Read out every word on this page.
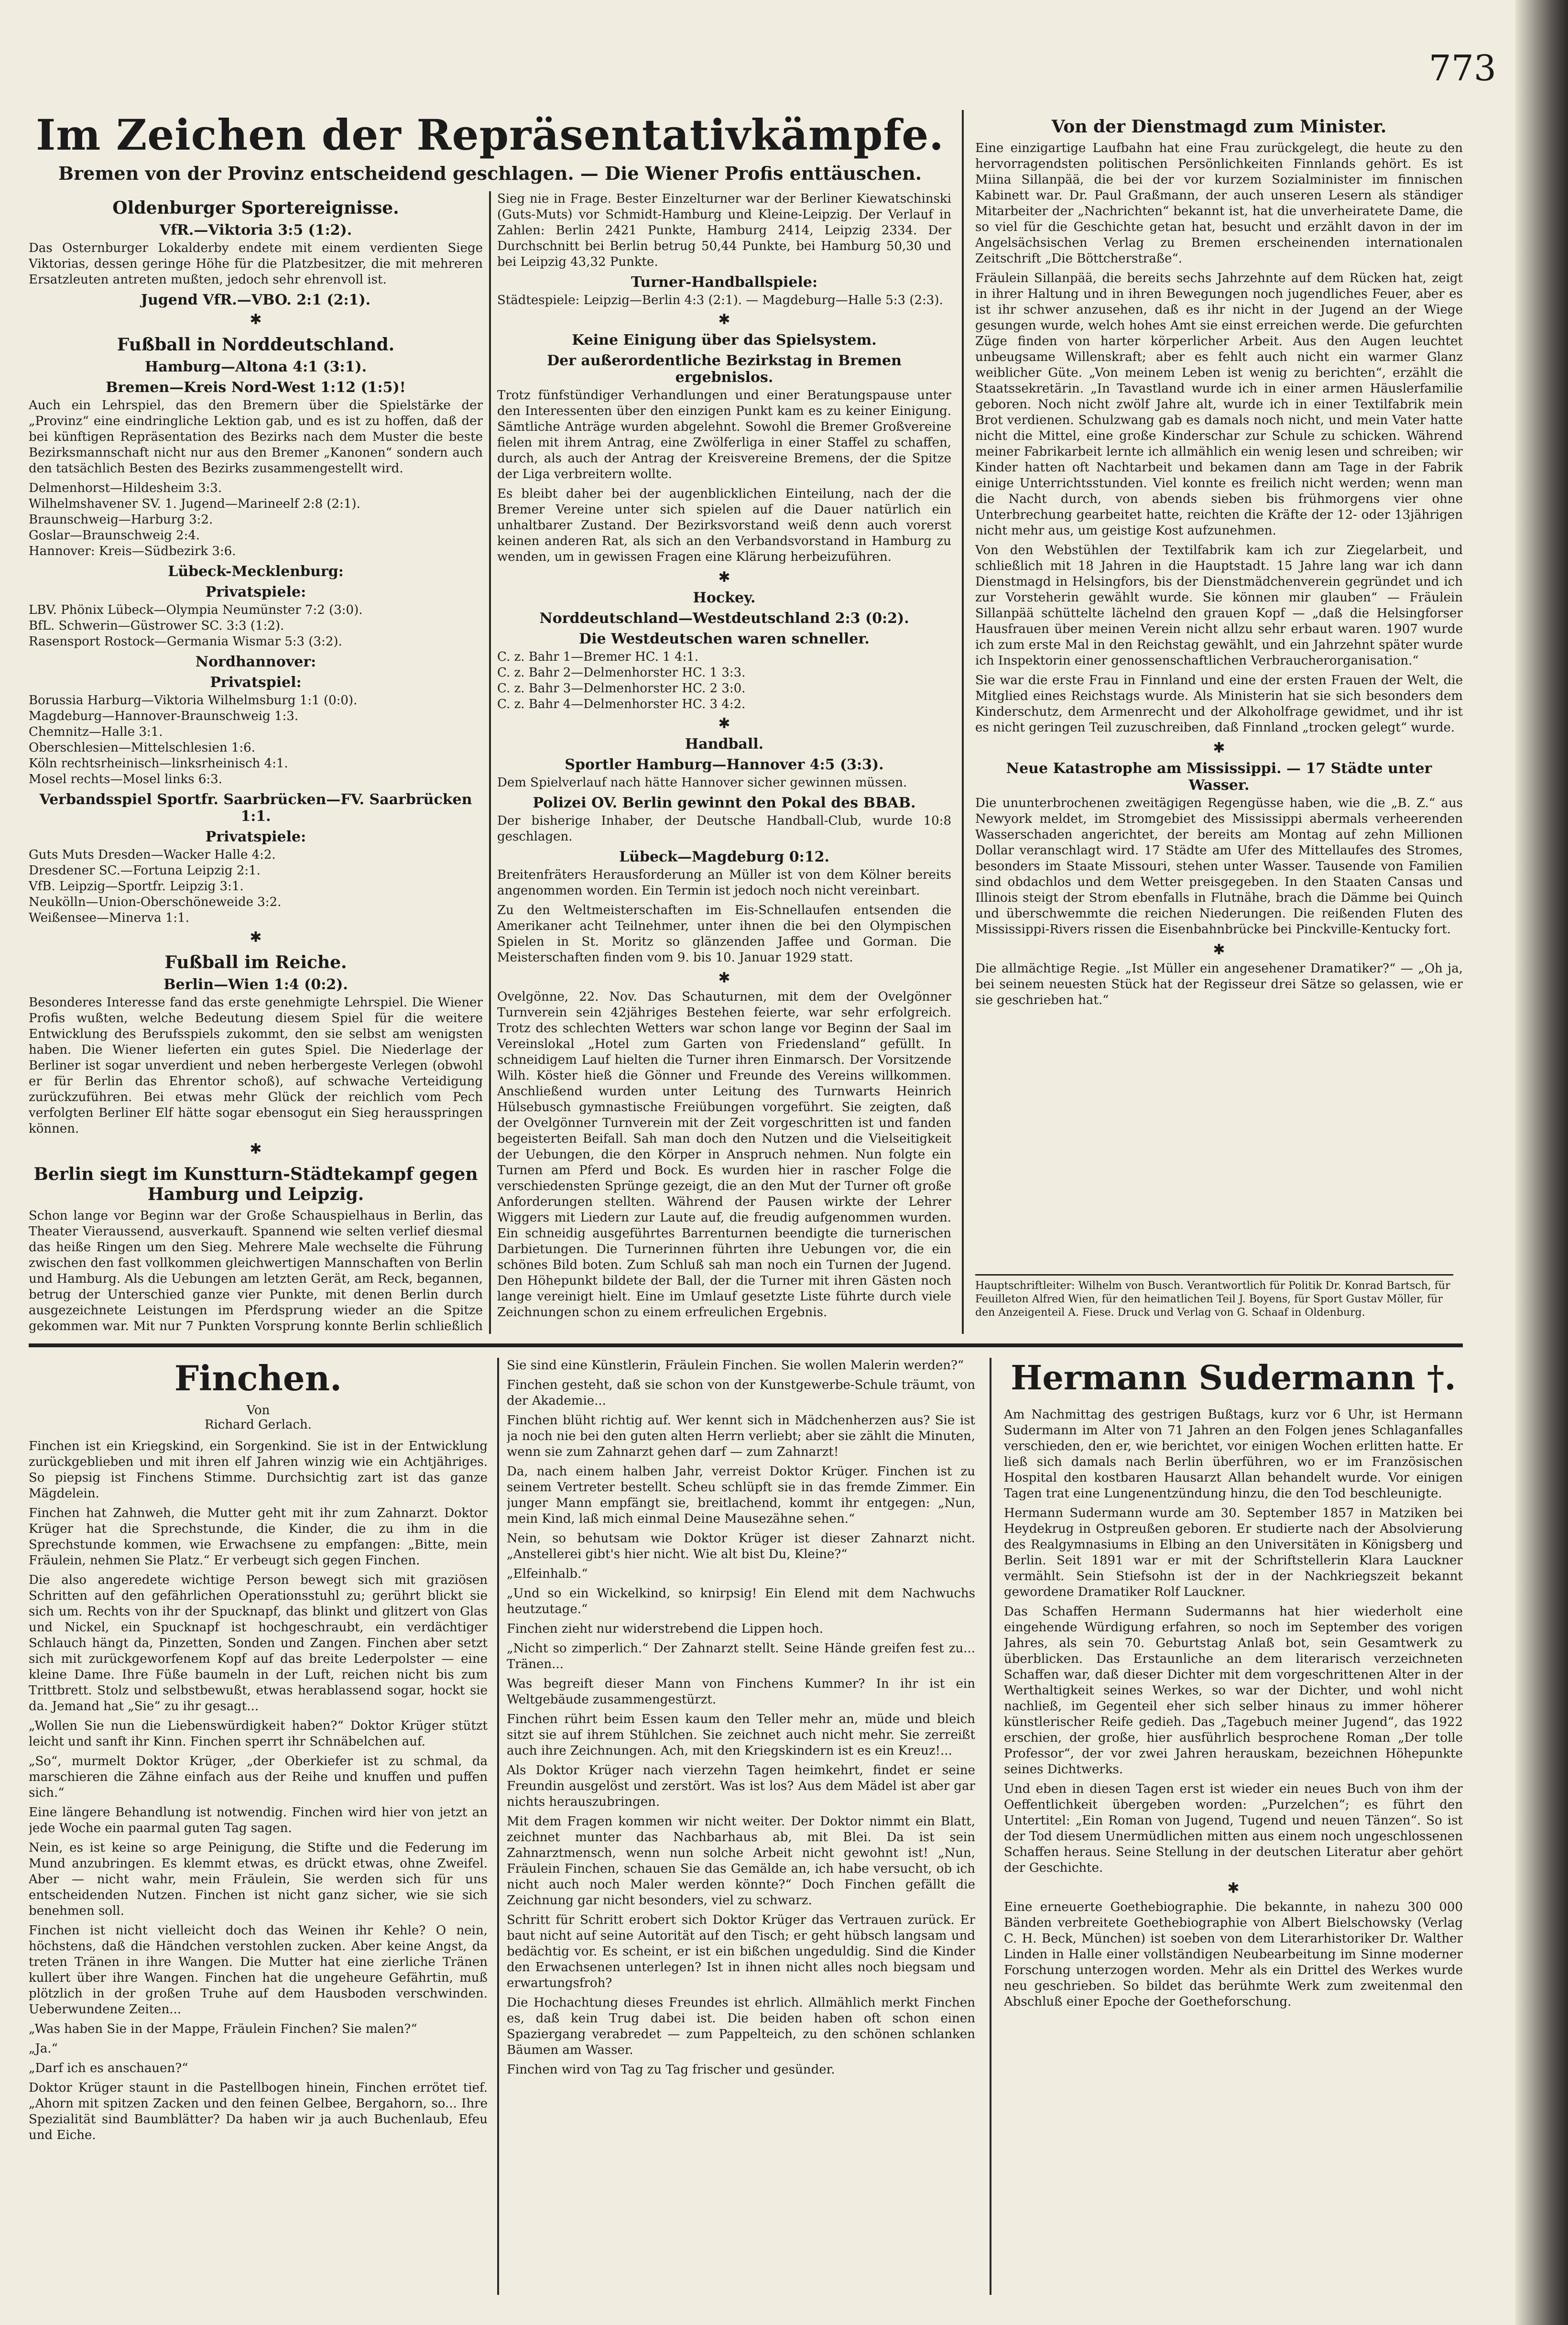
773
Im Zeichen der Repräsentativkämpfe.
Bremen von der Provinz entscheidend geschlagen. — Die Wiener Profis enttäuschen.
Oldenburger Sportereignisse.
VfR.—Viktoria 3:5 (1:2).

Das Osternburger Lokalderby endete mit einem verdienten Siege Viktorias, dessen geringe Höhe für die Platzbesitzer, die mit mehreren Ersatzleuten antreten mußten, jedoch sehr ehrenvoll ist.

Jugend VfR.—VBO. 2:1 (2:1).
✱
Fußball in Norddeutschland.
Hamburg—Altona 4:1 (3:1).
Bremen—Kreis Nord-West 1:12 (1:5)!

Auch ein Lehrspiel, das den Bremern über die Spielstärke der „Provinz“ eine eindringliche Lektion gab, und es ist zu hoffen, daß der bei künftigen Repräsentation des Bezirks nach dem Muster die beste Bezirksmannschaft nicht nur aus den Bremer „Kanonen“ sondern auch den tatsächlich Besten des Bezirks zusammengestellt wird.

Delmenhorst—Hildesheim 3:3.
Wilhelmshavener SV. 1. Jugend—Marineelf 2:8 (2:1).
Braunschweig—Harburg 3:2.
Goslar—Braunschweig 2:4.
Hannover: Kreis—Südbezirk 3:6.
Lübeck-Mecklenburg:
Privatspiele:
LBV. Phönix Lübeck—Olympia Neumünster 7:2 (3:0).
BfL. Schwerin—Güstrower SC. 3:3 (1:2).
Rasensport Rostock—Germania Wismar 5:3 (3:2).
Nordhannover:
Privatspiel:
Borussia Harburg—Viktoria Wilhelmsburg 1:1 (0:0).
Magdeburg—Hannover-Braunschweig 1:3.
Chemnitz—Halle 3:1.
Oberschlesien—Mittelschlesien 1:6.
Köln rechtsrheinisch—linksrheinisch 4:1.
Mosel rechts—Mosel links 6:3.
Verbandsspiel Sportfr. Saarbrücken—FV. Saarbrücken 1:1.
Privatspiele:
Guts Muts Dresden—Wacker Halle 4:2.
Dresdener SC.—Fortuna Leipzig 2:1.
VfB. Leipzig—Sportfr. Leipzig 3:1.
Neukölln—Union-Oberschöneweide 3:2.
Weißensee—Minerva 1:1.
✱
Fußball im Reiche.
Berlin—Wien 1:4 (0:2).

Besonderes Interesse fand das erste genehmigte Lehrspiel. Die Wiener Profis wußten, welche Bedeutung diesem Spiel für die weitere Entwicklung des Berufsspiels zukommt, den sie selbst am wenigsten haben. Die Wiener lieferten ein gutes Spiel. Die Niederlage der Berliner ist sogar unverdient und neben herbergeste Verlegen (obwohl er für Berlin das Ehrentor schoß), auf schwache Verteidigung zurückzuführen. Bei etwas mehr Glück der reichlich vom Pech verfolgten Berliner Elf hätte sogar ebensogut ein Sieg herausspringen können.

✱
Berlin siegt im Kunstturn-Städtekampf gegen Hamburg und Leipzig.

Schon lange vor Beginn war der Große Schauspielhaus in Berlin, das Theater Vieraussend, ausverkauft. Spannend wie selten verlief diesmal das heiße Ringen um den Sieg. Mehrere Male wechselte die Führung zwischen den fast vollkommen gleichwertigen Mannschaften von Berlin und Hamburg. Als die Uebungen am letzten Gerät, am Reck, begannen, betrug der Unterschied ganze vier Punkte, mit denen Berlin durch ausgezeichnete Leistungen im Pferdsprung wieder an die Spitze gekommen war. Mit nur 7 Punkten Vorsprung konnte Berlin schließlich

Sieg nie in Frage. Bester Einzelturner war der Berliner Kiewatschinski (Guts-Muts) vor Schmidt-Hamburg und Kleine-Leipzig. Der Verlauf in Zahlen: Berlin 2421 Punkte, Hamburg 2414, Leipzig 2334. Der Durchschnitt bei Berlin betrug 50,44 Punkte, bei Hamburg 50,30 und bei Leipzig 43,32 Punkte.

Turner-Handballspiele:
Städtespiele: Leipzig—Berlin 4:3 (2:1). — Magdeburg—Halle 5:3 (2:3).
✱
Keine Einigung über das Spielsystem.
Der außerordentliche Bezirkstag in Bremen ergebnislos.

Trotz fünfstündiger Verhandlungen und einer Beratungspause unter den Interessenten über den einzigen Punkt kam es zu keiner Einigung. Sämtliche Anträge wurden abgelehnt. Sowohl die Bremer Großvereine fielen mit ihrem Antrag, eine Zwölferliga in einer Staffel zu schaffen, durch, als auch der Antrag der Kreisvereine Bremens, der die Spitze der Liga verbreitern wollte.

Es bleibt daher bei der augenblicklichen Einteilung, nach der die Bremer Vereine unter sich spielen auf die Dauer natürlich ein unhaltbarer Zustand. Der Bezirksvorstand weiß denn auch vorerst keinen anderen Rat, als sich an den Verbandsvorstand in Hamburg zu wenden, um in gewissen Fragen eine Klärung herbeizuführen.

✱
Hockey.
Norddeutschland—Westdeutschland 2:3 (0:2).
Die Westdeutschen waren schneller.
C. z. Bahr 1—Bremer HC. 1 4:1.
C. z. Bahr 2—Delmenhorster HC. 1 3:3.
C. z. Bahr 3—Delmenhorster HC. 2 3:0.
C. z. Bahr 4—Delmenhorster HC. 3 4:2.
✱
Handball.
Sportler Hamburg—Hannover 4:5 (3:3).

Dem Spielverlauf nach hätte Hannover sicher gewinnen müssen.

Polizei OV. Berlin gewinnt den Pokal des BBAB.

Der bisherige Inhaber, der Deutsche Handball-Club, wurde 10:8 geschlagen.

Lübeck—Magdeburg 0:12.

Breitenfräters Herausforderung an Müller ist von dem Kölner bereits angenommen worden. Ein Termin ist jedoch noch nicht vereinbart.

Zu den Weltmeisterschaften im Eis-Schnellaufen entsenden die Amerikaner acht Teilnehmer, unter ihnen die bei den Olympischen Spielen in St. Moritz so glänzenden Jaffee und Gorman. Die Meisterschaften finden vom 9. bis 10. Januar 1929 statt.

✱

Ovelgönne, 22. Nov. Das Schauturnen, mit dem der Ovelgönner Turnverein sein 42jähriges Bestehen feierte, war sehr erfolgreich. Trotz des schlechten Wetters war schon lange vor Beginn der Saal im Vereinslokal „Hotel zum Garten von Friedensland“ gefüllt. In schneidigem Lauf hielten die Turner ihren Einmarsch. Der Vorsitzende Wilh. Köster hieß die Gönner und Freunde des Vereins willkommen. Anschließend wurden unter Leitung des Turnwarts Heinrich Hülsebusch gymnastische Freiübungen vorgeführt. Sie zeigten, daß der Ovelgönner Turnverein mit der Zeit vorgeschritten ist und fanden begeisterten Beifall. Sah man doch den Nutzen und die Vielseitigkeit der Uebungen, die den Körper in Anspruch nehmen. Nun folgte ein Turnen am Pferd und Bock. Es wurden hier in rascher Folge die verschiedensten Sprünge gezeigt, die an den Mut der Turner oft große Anforderungen stellten. Während der Pausen wirkte der Lehrer Wiggers mit Liedern zur Laute auf, die freudig aufgenommen wurden. Ein schneidig ausgeführtes Barrenturnen beendigte die turnerischen Darbietungen. Die Turnerinnen führten ihre Uebungen vor, die ein schönes Bild boten. Zum Schluß sah man noch ein Turnen der Jugend. Den Höhepunkt bildete der Ball, der die Turner mit ihren Gästen noch lange vereinigt hielt. Eine im Umlauf gesetzte Liste führte durch viele Zeichnungen schon zu einem erfreulichen Ergebnis.

Von der Dienstmagd zum Minister.

Eine einzigartige Laufbahn hat eine Frau zurückgelegt, die heute zu den hervorragendsten politischen Persönlichkeiten Finnlands gehört. Es ist Miina Sillanpää, die bei der vor kurzem Sozialminister im finnischen Kabinett war. Dr. Paul Graßmann, der auch unseren Lesern als ständiger Mitarbeiter der „Nachrichten“ bekannt ist, hat die unverheiratete Dame, die so viel für die Geschichte getan hat, besucht und erzählt davon in der im Angelsächsischen Verlag zu Bremen erscheinenden internationalen Zeitschrift „Die Böttcherstraße“.

Fräulein Sillanpää, die bereits sechs Jahrzehnte auf dem Rücken hat, zeigt in ihrer Haltung und in ihren Bewegungen noch jugendliches Feuer, aber es ist ihr schwer anzusehen, daß es ihr nicht in der Jugend an der Wiege gesungen wurde, welch hohes Amt sie einst erreichen werde. Die gefurchten Züge finden von harter körperlicher Arbeit. Aus den Augen leuchtet unbeugsame Willenskraft; aber es fehlt auch nicht ein warmer Glanz weiblicher Güte. „Von meinem Leben ist wenig zu berichten“, erzählt die Staatssekretärin. „In Tavastland wurde ich in einer armen Häuslerfamilie geboren. Noch nicht zwölf Jahre alt, wurde ich in einer Textilfabrik mein Brot verdienen. Schulzwang gab es damals noch nicht, und mein Vater hatte nicht die Mittel, eine große Kinderschar zur Schule zu schicken. Während meiner Fabrikarbeit lernte ich allmählich ein wenig lesen und schreiben; wir Kinder hatten oft Nachtarbeit und bekamen dann am Tage in der Fabrik einige Unterrichtsstunden. Viel konnte es freilich nicht werden; wenn man die Nacht durch, von abends sieben bis frühmorgens vier ohne Unterbrechung gearbeitet hatte, reichten die Kräfte der 12- oder 13jährigen nicht mehr aus, um geistige Kost aufzunehmen.

Von den Webstühlen der Textilfabrik kam ich zur Ziegelarbeit, und schließlich mit 18 Jahren in die Hauptstadt. 15 Jahre lang war ich dann Dienstmagd in Helsingfors, bis der Dienstmädchenverein gegründet und ich zur Vorsteherin gewählt wurde. Sie können mir glauben“ — Fräulein Sillanpää schüttelte lächelnd den grauen Kopf — „daß die Helsingforser Hausfrauen über meinen Verein nicht allzu sehr erbaut waren. 1907 wurde ich zum erste Mal in den Reichstag gewählt, und ein Jahrzehnt später wurde ich Inspektorin einer genossenschaftlichen Verbraucherorganisation.“

Sie war die erste Frau in Finnland und eine der ersten Frauen der Welt, die Mitglied eines Reichstags wurde. Als Ministerin hat sie sich besonders dem Kinderschutz, dem Armenrecht und der Alkoholfrage gewidmet, und ihr ist es nicht geringen Teil zuzuschreiben, daß Finnland „trocken gelegt“ wurde.

✱
Neue Katastrophe am Mississippi. — 17 Städte unter Wasser.

Die ununterbrochenen zweitägigen Regengüsse haben, wie die „B. Z.“ aus Newyork meldet, im Stromgebiet des Mississippi abermals verheerenden Wasserschaden angerichtet, der bereits am Montag auf zehn Millionen Dollar veranschlagt wird. 17 Städte am Ufer des Mittellaufes des Stromes, besonders im Staate Missouri, stehen unter Wasser. Tausende von Familien sind obdachlos und dem Wetter preisgegeben. In den Staaten Cansas und Illinois steigt der Strom ebenfalls in Flutnähe, brach die Dämme bei Quinch und überschwemmte die reichen Niederungen. Die reißenden Fluten des Mississippi-Rivers rissen die Eisenbahnbrücke bei Pinckville-Kentucky fort.

✱

Die allmächtige Regie. „Ist Müller ein angesehener Dramatiker?“ — „Oh ja, bei seinem neuesten Stück hat der Regisseur drei Sätze so gelassen, wie er sie geschrieben hat.“

Hauptschriftleiter: Wilhelm von Busch. Verantwortlich für Politik Dr. Konrad Bartsch, für Feuilleton Alfred Wien, für den heimatlichen Teil J. Boyens, für Sport Gustav Möller, für den Anzeigenteil A. Fiese. Druck und Verlag von G. Schaaf in Oldenburg.
Finchen.
Von
Richard Gerlach.

Finchen ist ein Kriegskind, ein Sorgenkind. Sie ist in der Entwicklung zurückgeblieben und mit ihren elf Jahren winzig wie ein Achtjähriges. So piepsig ist Finchens Stimme. Durchsichtig zart ist das ganze Mägdelein.

Finchen hat Zahnweh, die Mutter geht mit ihr zum Zahnarzt. Doktor Krüger hat die Sprechstunde, die Kinder, die zu ihm in die Sprechstunde kommen, wie Erwachsene zu empfangen: „Bitte, mein Fräulein, nehmen Sie Platz.“ Er verbeugt sich gegen Finchen.

Die also angeredete wichtige Person bewegt sich mit graziösen Schritten auf den gefährlichen Operationsstuhl zu; gerührt blickt sie sich um. Rechts von ihr der Spucknapf, das blinkt und glitzert von Glas und Nickel, ein Spucknapf ist hochgeschraubt, ein verdächtiger Schlauch hängt da, Pinzetten, Sonden und Zangen. Finchen aber setzt sich mit zurückgeworfenem Kopf auf das breite Lederpolster — eine kleine Dame. Ihre Füße baumeln in der Luft, reichen nicht bis zum Trittbrett. Stolz und selbstbewußt, etwas herablassend sogar, hockt sie da. Jemand hat „Sie“ zu ihr gesagt...

„Wollen Sie nun die Liebenswürdigkeit haben?“ Doktor Krüger stützt leicht und sanft ihr Kinn. Finchen sperrt ihr Schnäbelchen auf.

„So“, murmelt Doktor Krüger, „der Oberkiefer ist zu schmal, da marschieren die Zähne einfach aus der Reihe und knuffen und puffen sich.“

Eine längere Behandlung ist notwendig. Finchen wird hier von jetzt an jede Woche ein paarmal guten Tag sagen.

Nein, es ist keine so arge Peinigung, die Stifte und die Federung im Mund anzubringen. Es klemmt etwas, es drückt etwas, ohne Zweifel. Aber — nicht wahr, mein Fräulein, Sie werden sich für uns entscheidenden Nutzen. Finchen ist nicht ganz sicher, wie sie sich benehmen soll.

Finchen ist nicht vielleicht doch das Weinen ihr Kehle? O nein, höchstens, daß die Händchen verstohlen zucken. Aber keine Angst, da treten Tränen in ihre Wangen. Die Mutter hat eine zierliche Tränen kullert über ihre Wangen. Finchen hat die ungeheure Gefährtin, muß plötzlich in der großen Truhe auf dem Hausboden verschwinden. Ueberwundene Zeiten...

„Was haben Sie in der Mappe, Fräulein Finchen? Sie malen?“

„Ja.“

„Darf ich es anschauen?“

Doktor Krüger staunt in die Pastellbogen hinein, Finchen errötet tief. „Ahorn mit spitzen Zacken und den feinen Gelbee, Bergahorn, so... Ihre Spezialität sind Baumblätter? Da haben wir ja auch Buchenlaub, Efeu und Eiche.

Sie sind eine Künstlerin, Fräulein Finchen. Sie wollen Malerin werden?“

Finchen gesteht, daß sie schon von der Kunstgewerbe-Schule träumt, von der Akademie...

Finchen blüht richtig auf. Wer kennt sich in Mädchenherzen aus? Sie ist ja noch nie bei den guten alten Herrn verliebt; aber sie zählt die Minuten, wenn sie zum Zahnarzt gehen darf — zum Zahnarzt!

Da, nach einem halben Jahr, verreist Doktor Krüger. Finchen ist zu seinem Vertreter bestellt. Scheu schlüpft sie in das fremde Zimmer. Ein junger Mann empfängt sie, breitlachend, kommt ihr entgegen: „Nun, mein Kind, laß mich einmal Deine Mausezähne sehen.“

Nein, so behutsam wie Doktor Krüger ist dieser Zahnarzt nicht. „Anstellerei gibt's hier nicht. Wie alt bist Du, Kleine?“

„Elfeinhalb.“

„Und so ein Wickelkind, so knirpsig! Ein Elend mit dem Nachwuchs heutzutage.“

Finchen zieht nur widerstrebend die Lippen hoch.

„Nicht so zimperlich.“ Der Zahnarzt stellt. Seine Hände greifen fest zu... Tränen...

Was begreift dieser Mann von Finchens Kummer? In ihr ist ein Weltgebäude zusammengestürzt.

Finchen rührt beim Essen kaum den Teller mehr an, müde und bleich sitzt sie auf ihrem Stühlchen. Sie zeichnet auch nicht mehr. Sie zerreißt auch ihre Zeichnungen. Ach, mit den Kriegskindern ist es ein Kreuz!...

Als Doktor Krüger nach vierzehn Tagen heimkehrt, findet er seine Freundin ausgelöst und zerstört. Was ist los? Aus dem Mädel ist aber gar nichts herauszubringen.

Mit dem Fragen kommen wir nicht weiter. Der Doktor nimmt ein Blatt, zeichnet munter das Nachbarhaus ab, mit Blei. Da ist sein Zahnarztmensch, wenn nun solche Arbeit nicht gewohnt ist! „Nun, Fräulein Finchen, schauen Sie das Gemälde an, ich habe versucht, ob ich nicht auch noch Maler werden könnte?“ Doch Finchen gefällt die Zeichnung gar nicht besonders, viel zu schwarz.

Schritt für Schritt erobert sich Doktor Krüger das Vertrauen zurück. Er baut nicht auf seine Autorität auf den Tisch; er geht hübsch langsam und bedächtig vor. Es scheint, er ist ein bißchen ungeduldig. Sind die Kinder den Erwachsenen unterlegen? Ist in ihnen nicht alles noch biegsam und erwartungsfroh?

Die Hochachtung dieses Freundes ist ehrlich. Allmählich merkt Finchen es, daß kein Trug dabei ist. Die beiden haben oft schon einen Spaziergang verabredet — zum Pappelteich, zu den schönen schlanken Bäumen am Wasser.

Finchen wird von Tag zu Tag frischer und gesünder.

Hermann Sudermann †.

Am Nachmittag des gestrigen Bußtags, kurz vor 6 Uhr, ist Hermann Sudermann im Alter von 71 Jahren an den Folgen jenes Schlaganfalles verschieden, den er, wie berichtet, vor einigen Wochen erlitten hatte. Er ließ sich damals nach Berlin überführen, wo er im Französischen Hospital den kostbaren Hausarzt Allan behandelt wurde. Vor einigen Tagen trat eine Lungenentzündung hinzu, die den Tod beschleunigte.

Hermann Sudermann wurde am 30. September 1857 in Matziken bei Heydekrug in Ostpreußen geboren. Er studierte nach der Absolvierung des Realgymnasiums in Elbing an den Universitäten in Königsberg und Berlin. Seit 1891 war er mit der Schriftstellerin Klara Lauckner vermählt. Sein Stiefsohn ist der in der Nachkriegszeit bekannt gewordene Dramatiker Rolf Lauckner.

Das Schaffen Hermann Sudermanns hat hier wiederholt eine eingehende Würdigung erfahren, so noch im September des vorigen Jahres, als sein 70. Geburtstag Anlaß bot, sein Gesamtwerk zu überblicken. Das Erstaunliche an dem literarisch verzeichneten Schaffen war, daß dieser Dichter mit dem vorgeschrittenen Alter in der Werthaltigkeit seines Werkes, so war der Dichter, und wohl nicht nachließ, im Gegenteil eher sich selber hinaus zu immer höherer künstlerischer Reife gedieh. Das „Tagebuch meiner Jugend“, das 1922 erschien, der große, hier ausführlich besprochene Roman „Der tolle Professor“, der vor zwei Jahren herauskam, bezeichnen Höhepunkte seines Dichtwerks.

Und eben in diesen Tagen erst ist wieder ein neues Buch von ihm der Oeffentlichkeit übergeben worden: „Purzelchen“; es führt den Untertitel: „Ein Roman von Jugend, Tugend und neuen Tänzen“. So ist der Tod diesem Unermüdlichen mitten aus einem noch ungeschlossenen Schaffen heraus. Seine Stellung in der deutschen Literatur aber gehört der Geschichte.

✱

Eine erneuerte Goethebiographie. Die bekannte, in nahezu 300 000 Bänden verbreitete Goethebiographie von Albert Bielschowsky (Verlag C. H. Beck, München) ist soeben von dem Literarhistoriker Dr. Walther Linden in Halle einer vollständigen Neubearbeitung im Sinne moderner Forschung unterzogen worden. Mehr als ein Drittel des Werkes wurde neu geschrieben. So bildet das berühmte Werk zum zweitenmal den Abschluß einer Epoche der Goetheforschung.
